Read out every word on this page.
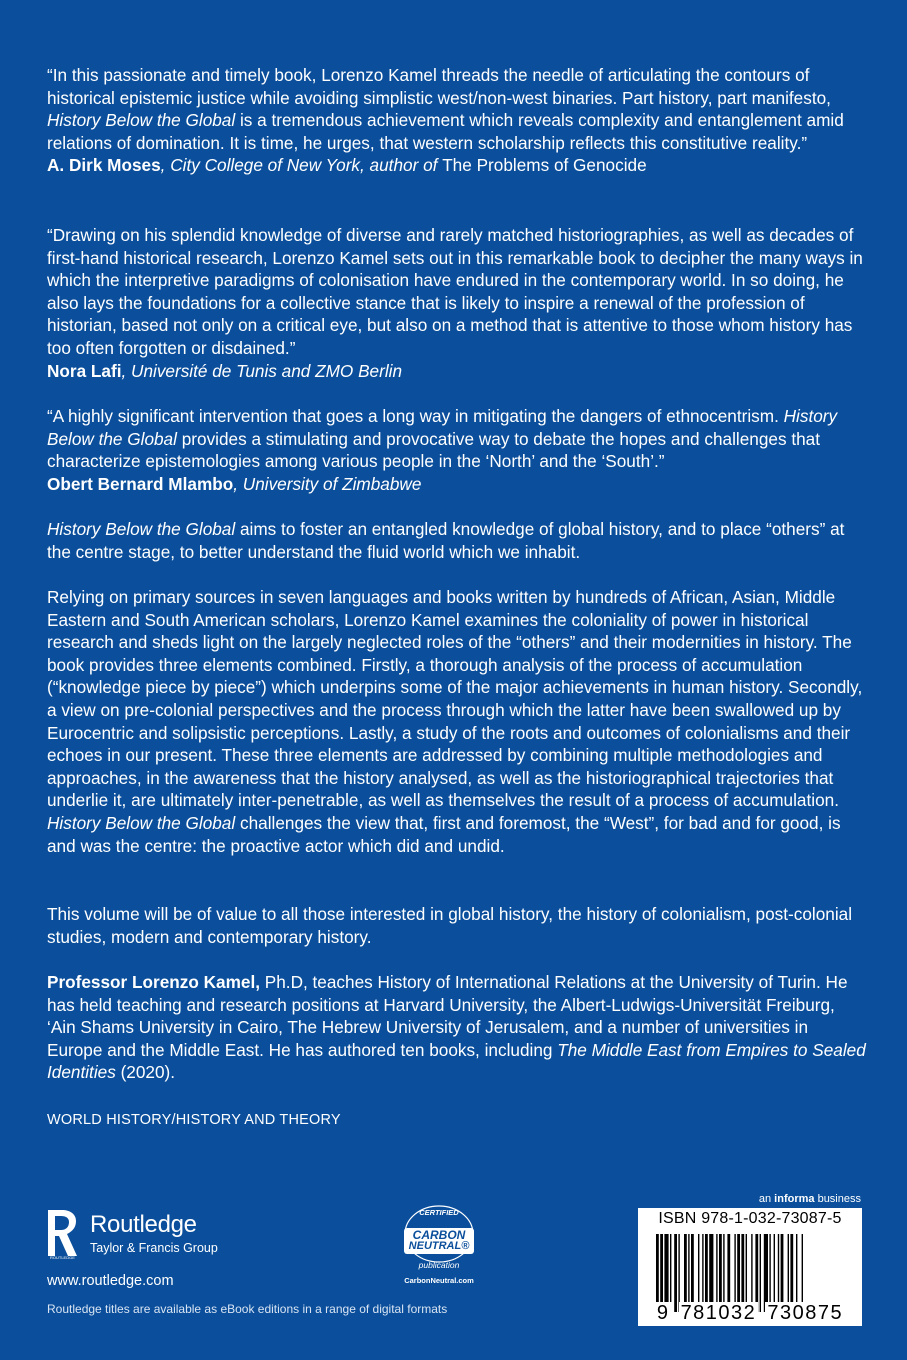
“In this passionate and timely book, Lorenzo Kamel threads the needle of articulating the contours of historical epistemic justice while avoiding simplistic west/non-west binaries. Part history, part manifesto, History Below the Global is a tremendous achievement which reveals complexity and entanglement amid relations of domination. It is time, he urges, that western scholarship reflects this constitutive reality.”

A. Dirk Moses, City College of New York, author of The Problems of Genocide

“Drawing on his splendid knowledge of diverse and rarely matched historiographies, as well as decades of first-hand historical research, Lorenzo Kamel sets out in this remarkable book to decipher the many ways in which the interpretive paradigms of colonisation have endured in the contemporary world. In so doing, he also lays the foundations for a collective stance that is likely to inspire a renewal of the profession of historian, based not only on a critical eye, but also on a method that is attentive to those whom history has too often forgotten or disdained.”

Nora Lafi, Université de Tunis and ZMO Berlin

“A highly significant intervention that goes a long way in mitigating the dangers of ethnocentrism. History Below the Global provides a stimulating and provocative way to debate the hopes and challenges that characterize epistemologies among various people in the ‘North’ and the ‘South’.”

Obert Bernard Mlambo, University of Zimbabwe

History Below the Global aims to foster an entangled knowledge of global history, and to place “others” at the centre stage, to better understand the fluid world which we inhabit.

Relying on primary sources in seven languages and books written by hundreds of African, Asian, Middle Eastern and South American scholars, Lorenzo Kamel examines the coloniality of power in historical research and sheds light on the largely neglected roles of the “others” and their modernities in history. The book provides three elements combined. Firstly, a thorough analysis of the process of accumulation (“knowledge piece by piece”) which underpins some of the major achievements in human history. Secondly, a view on pre-colonial perspectives and the process through which the latter have been swallowed up by Eurocentric and solipsistic perceptions. Lastly, a study of the roots and outcomes of colonialisms and their echoes in our present. These three elements are addressed by combining multiple methodologies and approaches, in the awareness that the history analysed, as well as the historiographical trajectories that underlie it, are ultimately inter-penetrable, as well as themselves the result of a process of accumulation. History Below the Global challenges the view that, first and foremost, the “West”, for bad and for good, is and was the centre: the proactive actor which did and undid.

This volume will be of value to all those interested in global history, the history of colonialism, post-colonial studies, modern and contemporary history.

Professor Lorenzo Kamel, Ph.D, teaches History of International Relations at the University of Turin. He has held teaching and research positions at Harvard University, the Albert-Ludwigs-Universität Freiburg, ‘Ain Shams University in Cairo, The Hebrew University of Jerusalem, and a number of universities in Europe and the Middle East. He has authored ten books, including The Middle East from Empires to Sealed Identities (2020).

WORLD HISTORY/HISTORY AND THEORY
ROUTLEDGE
Routledge
Taylor & Francis Group
www.routledge.com
Routledge titles are available as eBook editions in a range of digital formats
CERTIFIED
CARBON
NEUTRAL®
publication
CarbonNeutral.com
an informa business
ISBN 978-1-032-73087-5
9 781032 730875
